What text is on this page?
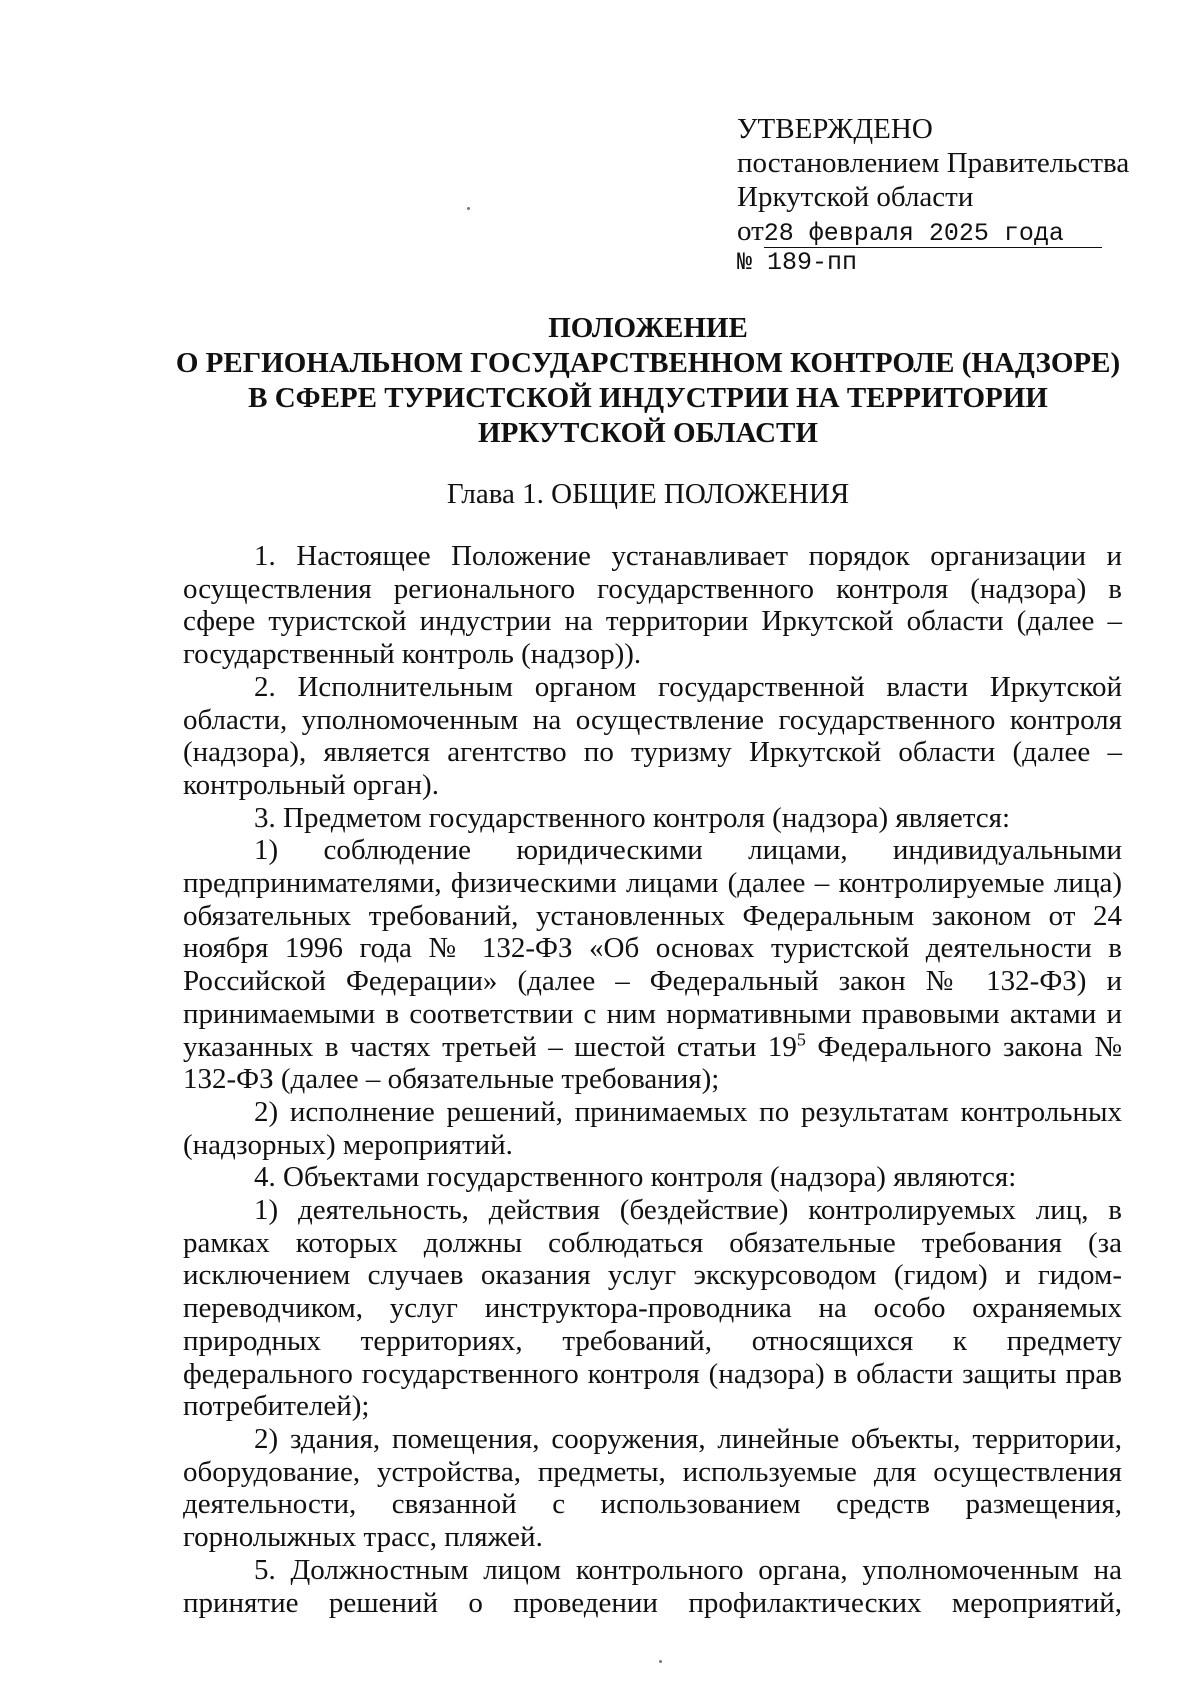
УТВЕРЖДЕНО
постановлением Правительства
Иркутской области
от28 февраля 2025 года
№ 189-пп
ПОЛОЖЕНИЕ
О РЕГИОНАЛЬНОМ ГОСУДАРСТВЕННОМ КОНТРОЛЕ (НАДЗОРЕ)
В СФЕРЕ ТУРИСТСКОЙ ИНДУСТРИИ НА ТЕРРИТОРИИ
ИРКУТСКОЙ ОБЛАСТИ
Глава 1. ОБЩИЕ ПОЛОЖЕНИЯ

1. Настоящее Положение устанавливает порядок организации и осуществления регионального государственного контроля (надзора) в сфере туристской индустрии на территории Иркутской области (далее – государственный контроль (надзор)).

2. Исполнительным органом государственной власти Иркутской области, уполномоченным на осуществление государственного контроля (надзора), является агентство по туризму Иркутской области (далее – контрольный орган).

3. Предметом государственного контроля (надзора) является:

1) соблюдение юридическими лицами, индивидуальными предпринимателями, физическими лицами (далее – контролируемые лица) обязательных требований, установленных Федеральным законом от 24 ноября 1996 года № 132-ФЗ «Об основах туристской деятельности в Российской Федерации» (далее – Федеральный закон № 132-ФЗ) и принимаемыми в соответствии с ним нормативными правовыми актами и указанных в частях третьей – шестой статьи $19^5$ Федерального закона № 132-ФЗ (далее – обязательные требования);

2) исполнение решений, принимаемых по результатам контрольных (надзорных) мероприятий.

4. Объектами государственного контроля (надзора) являются:

1) деятельность, действия (бездействие) контролируемых лиц, в рамках которых должны соблюдаться обязательные требования (за исключением случаев оказания услуг экскурсоводом (гидом) и гидом-переводчиком, услуг инструктора-проводника на особо охраняемых природных территориях, требований, относящихся к предмету федерального государственного контроля (надзора) в области защиты прав потребителей);

2) здания, помещения, сооружения, линейные объекты, территории, оборудование, устройства, предметы, используемые для осуществления деятельности, связанной с использованием средств размещения, горнолыжных трасс, пляжей.

5. Должностным лицом контрольного органа, уполномоченным на принятие решений о проведении профилактических мероприятий,
